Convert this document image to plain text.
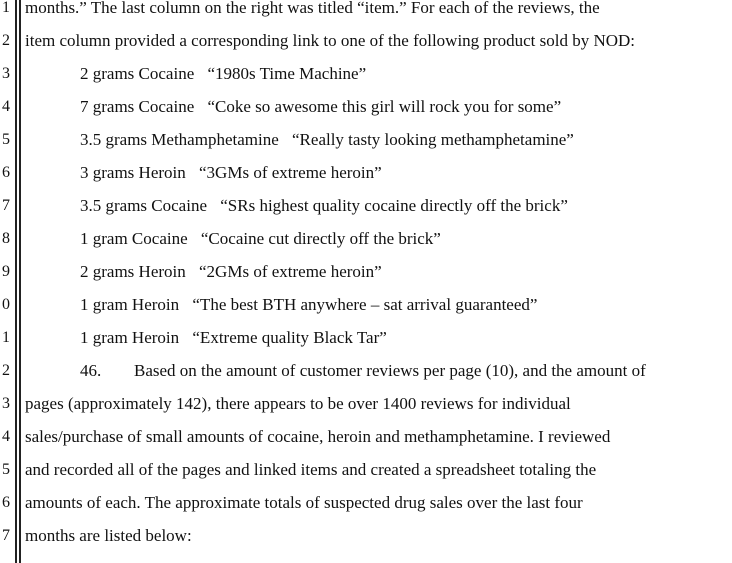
1
2
3
4
5
6
7
8
9
0
1
2
3
4
5
6
7
months.” The last column on the right was titled “item.” For each of the reviews, the
item column provided a corresponding link to one of the following product sold by NOD:
2 grams Cocaine “1980s Time Machine”
7 grams Cocaine “Coke so awesome this girl will rock you for some”
3.5 grams Methamphetamine “Really tasty looking methamphetamine”
3 grams Heroin “3GMs of extreme heroin”
3.5 grams Cocaine “SRs highest quality cocaine directly off the brick”
1 gram Cocaine “Cocaine cut directly off the brick”
2 grams Heroin “2GMs of extreme heroin”
1 gram Heroin “The best BTH anywhere – sat arrival guaranteed”
1 gram Heroin “Extreme quality Black Tar”
46. Based on the amount of customer reviews per page (10), and the amount of
pages (approximately 142), there appears to be over 1400 reviews for individual
sales/purchase of small amounts of cocaine, heroin and methamphetamine. I reviewed
and recorded all of the pages and linked items and created a spreadsheet totaling the
amounts of each. The approximate totals of suspected drug sales over the last four
months are listed below:
